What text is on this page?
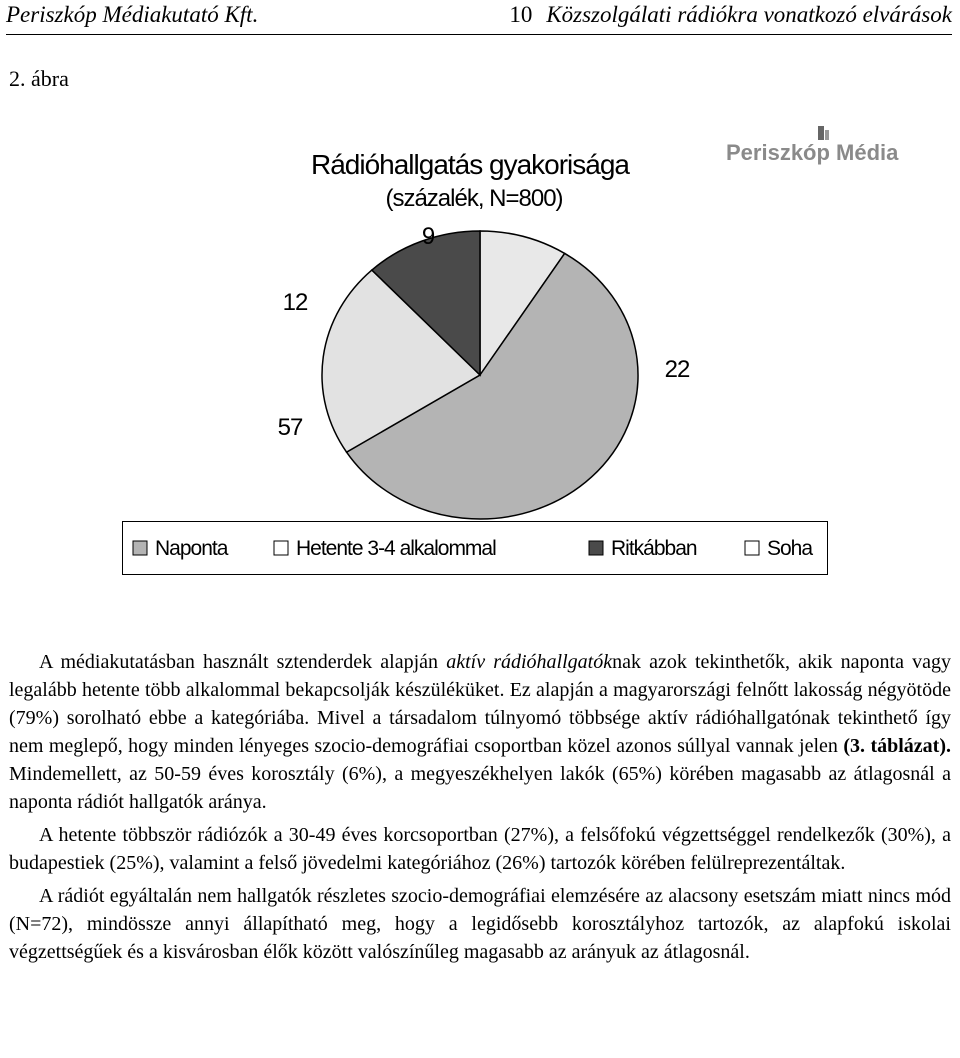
Periszkóp Médiakutató Kft.	10 Közszolgálati rádiókra vonatkozó elvárások
2. ábra
Rádióhallgatás gyakorisága
(százalék, N=800)
57
22
12
9
Periszkóp Média
Naponta	Hetente 3-4 alkalommal	Ritkábban	Soha

A médiakutatásban használt sztenderdek alapján aktív rádióhallgatóknak azok tekinthetők, akik naponta vagy legalább hetente több alkalommal bekapcsolják készüléküket. Ez alapján a magyarországi felnőtt lakosság négyötöde (79%) sorolható ebbe a kategóriába. Mivel a társadalom túlnyomó többsége aktív rádióhallgatónak tekinthető így nem meglepő, hogy minden lényeges szocio-demográfiai csoportban közel azonos súllyal vannak jelen (3. táblázat). Mindemellett, az 50-59 éves korosztály (6%), a megyeszékhelyen lakók (65%) körében magasabb az átlagosnál a naponta rádiót hallgatók aránya.

A hetente többször rádiózók a 30-49 éves korcsoportban (27%), a felsőfokú végzettséggel rendelkezők (30%), a budapestiek (25%), valamint a felső jövedelmi kategóriához (26%) tartozók körében felülreprezentáltak.

A rádiót egyáltalán nem hallgatók részletes szocio-demográfiai elemzésére az alacsony esetszám miatt nincs mód (N=72), mindössze annyi állapítható meg, hogy a legidősebb korosztályhoz tartozók, az alapfokú iskolai végzettségűek és a kisvárosban élők között valószínűleg magasabb az arányuk az átlagosnál.
